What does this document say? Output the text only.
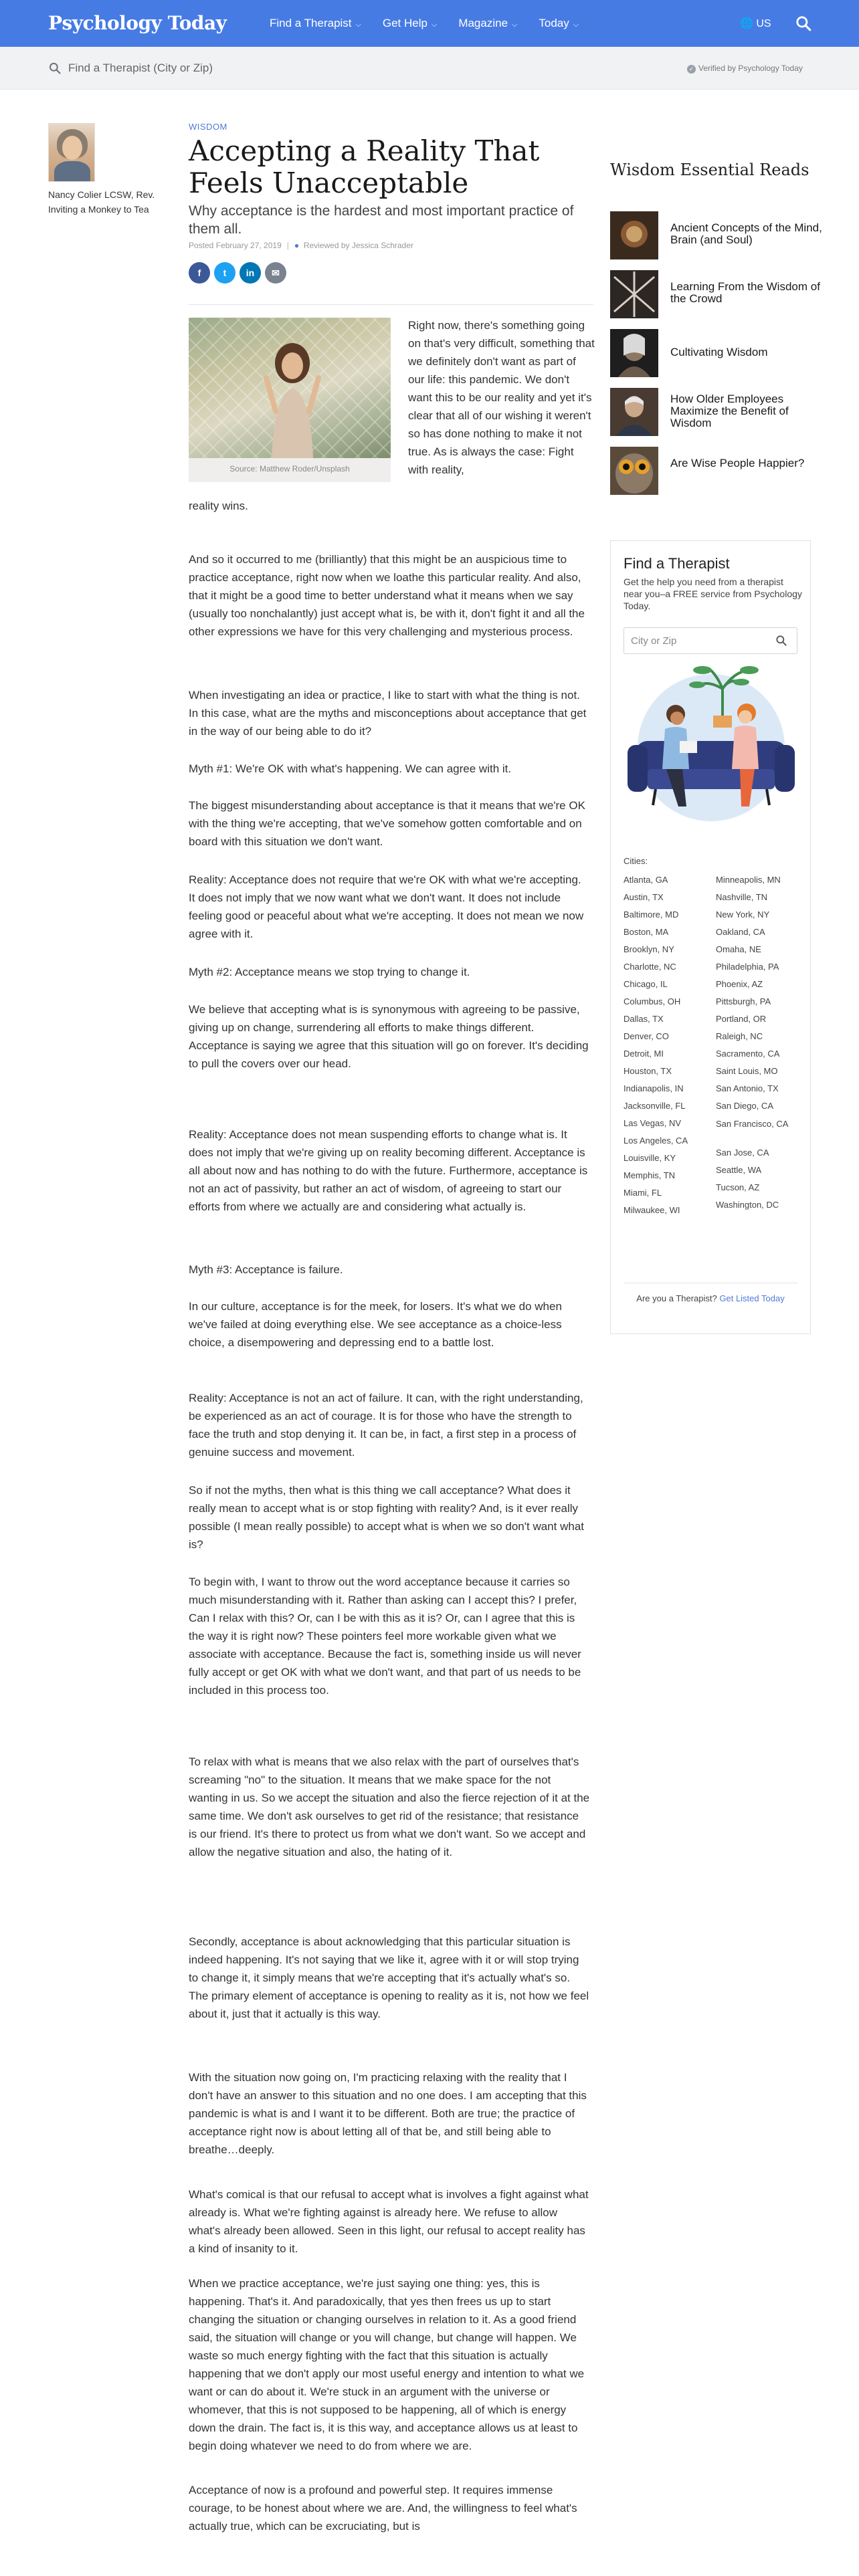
Psychology Today	Find a Therapist ⌵ Get Help ⌵ Magazine ⌵ Today ⌵	🌐 US
Find a Therapist (City or Zip)
✓ Verified by Psychology Today
Nancy Colier LCSW, Rev.
Inviting a Monkey to Tea
WISDOM
Accepting a Reality That Feels Unacceptable
Why acceptance is the hardest and most important practice of them all.
Posted February 27, 2019 | ● Reviewed by Jessica Schrader
f	t	in	✉
Source: Matthew Roder/Unsplash
Right now, there's something going on that's very difficult, something that we definitely don't want as part of our life: this pandemic. We don't want this to be our reality and yet it's clear that all of our wishing it weren't so has done nothing to make it not true. As is always the case: Fight with reality,
reality wins.
And so it occurred to me (brilliantly) that this might be an auspicious time to practice acceptance, right now when we loathe this particular reality. And also, that it might be a good time to better understand what it means when we say (usually too nonchalantly) just accept what is, be with it, don't fight it and all the other expressions we have for this very challenging and mysterious process.
When investigating an idea or practice, I like to start with what the thing is not. In this case, what are the myths and misconceptions about acceptance that get in the way of our being able to do it?
Myth #1: We're OK with what's happening. We can agree with it.
The biggest misunderstanding about acceptance is that it means that we're OK with the thing we're accepting, that we've somehow gotten comfortable and on board with this situation we don't want.
Reality: Acceptance does not require that we're OK with what we're accepting. It does not imply that we now want what we don't want. It does not include feeling good or peaceful about what we're accepting. It does not mean we now agree with it.
Myth #2: Acceptance means we stop trying to change it.
We believe that accepting what is is synonymous with agreeing to be passive, giving up on change, surrendering all efforts to make things different. Acceptance is saying we agree that this situation will go on forever. It's deciding to pull the covers over our head.
Reality: Acceptance does not mean suspending efforts to change what is. It does not imply that we're giving up on reality becoming different. Acceptance is all about now and has nothing to do with the future. Furthermore, acceptance is not an act of passivity, but rather an act of wisdom, of agreeing to start our efforts from where we actually are and considering what actually is.
Myth #3: Acceptance is failure.
In our culture, acceptance is for the meek, for losers. It's what we do when we've failed at doing everything else. We see acceptance as a choice-less choice, a disempowering and depressing end to a battle lost.
Reality: Acceptance is not an act of failure. It can, with the right understanding, be experienced as an act of courage. It is for those who have the strength to face the truth and stop denying it. It can be, in fact, a first step in a process of genuine success and movement.
So if not the myths, then what is this thing we call acceptance? What does it really mean to accept what is or stop fighting with reality? And, is it ever really possible (I mean really possible) to accept what is when we so don't want what is?
To begin with, I want to throw out the word acceptance because it carries so much misunderstanding with it. Rather than asking can I accept this? I prefer, Can I relax with this? Or, can I be with this as it is? Or, can I agree that this is the way it is right now? These pointers feel more workable given what we associate with acceptance. Because the fact is, something inside us will never fully accept or get OK with what we don't want, and that part of us needs to be included in this process too.
To relax with what is means that we also relax with the part of ourselves that's screaming "no" to the situation. It means that we make space for the not wanting in us. So we accept the situation and also the fierce rejection of it at the same time. We don't ask ourselves to get rid of the resistance; that resistance is our friend. It's there to protect us from what we don't want. So we accept and allow the negative situation and also, the hating of it.
Secondly, acceptance is about acknowledging that this particular situation is indeed happening. It's not saying that we like it, agree with it or will stop trying to change it, it simply means that we're accepting that it's actually what's so. The primary element of acceptance is opening to reality as it is, not how we feel about it, just that it actually is this way.
With the situation now going on, I'm practicing relaxing with the reality that I don't have an answer to this situation and no one does. I am accepting that this pandemic is what is and I want it to be different. Both are true; the practice of acceptance right now is about letting all of that be, and still being able to breathe…deeply.
What's comical is that our refusal to accept what is involves a fight against what already is. What we're fighting against is already here. We refuse to allow what's already been allowed. Seen in this light, our refusal to accept reality has a kind of insanity to it.
When we practice acceptance, we're just saying one thing: yes, this is happening. That's it. And paradoxically, that yes then frees us up to start changing the situation or changing ourselves in relation to it. As a good friend said, the situation will change or you will change, but change will happen. We waste so much energy fighting with the fact that this situation is actually happening that we don't apply our most useful energy and intention to what we want or can do about it. We're stuck in an argument with the universe or whomever, that this is not supposed to be happening, all of which is energy down the drain. The fact is, it is this way, and acceptance allows us at least to begin doing whatever we need to do from where we are.
Acceptance of now is a profound and powerful step. It requires immense courage, to be honest about where we are. And, the willingness to feel what's actually true, which can be excruciating, but is
Wisdom Essential Reads
Ancient Concepts of the Mind, Brain (and Soul)
Learning From the Wisdom of the Crowd
Cultivating Wisdom
How Older Employees Maximize the Benefit of Wisdom
Are Wise People Happier?
Find a Therapist
Get the help you need from a therapist near you–a FREE service from Psychology Today.
City or Zip
Cities:
Atlanta, GA
Austin, TX
Baltimore, MD
Boston, MA
Brooklyn, NY
Charlotte, NC
Chicago, IL
Columbus, OH
Dallas, TX
Denver, CO
Detroit, MI
Houston, TX
Indianapolis, IN
Jacksonville, FL
Las Vegas, NV
Los Angeles, CA
Louisville, KY
Memphis, TN
Miami, FL
Milwaukee, WI
Minneapolis, MN
Nashville, TN
New York, NY
Oakland, CA
Omaha, NE
Philadelphia, PA
Phoenix, AZ
Pittsburgh, PA
Portland, OR
Raleigh, NC
Sacramento, CA
Saint Louis, MO
San Antonio, TX
San Diego, CA
San Francisco, CA
San Jose, CA
Seattle, WA
Tucson, AZ
Washington, DC
Are you a Therapist? Get Listed Today
